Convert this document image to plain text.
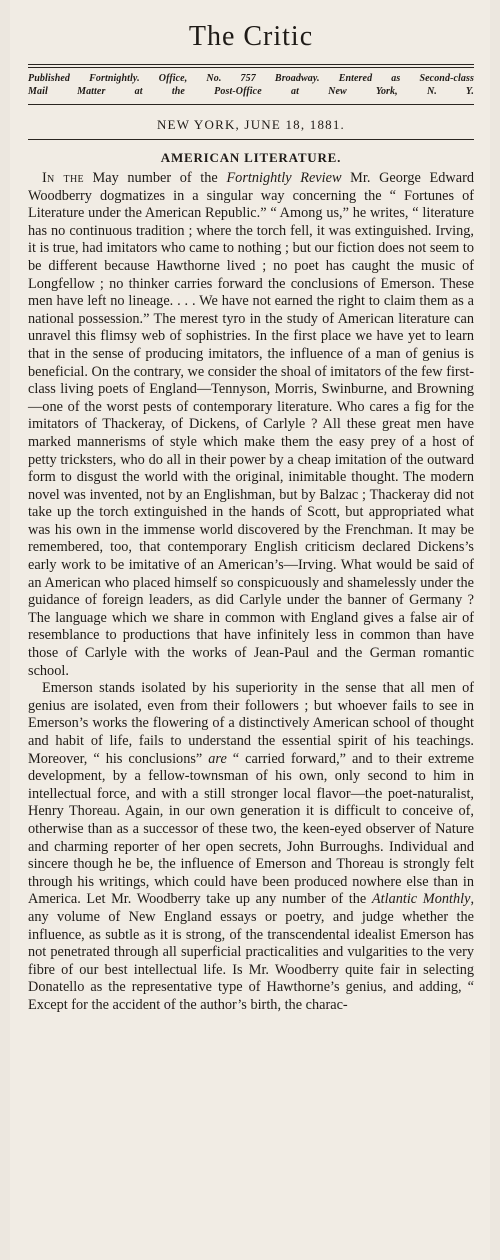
The Critic
Published Fortnightly. Office, No. 757 Broadway. Entered as Second-class
Mail Matter at the Post-Office at New York, N. Y.
NEW YORK, JUNE 18, 1881.
AMERICAN LITERATURE.

In the May number of the Fortnightly Review Mr. George Edward Woodberry dogmatizes in a singular way concerning the “ Fortunes of Literature under the American Republic.” “ Among us,” he writes, “ literature has no continuous tradition ; where the torch fell, it was extinguished. Irving, it is true, had imitators who came to nothing ; but our fiction does not seem to be different because Hawthorne lived ; no poet has caught the music of Longfellow ; no thinker carries forward the conclusions of Emerson. These men have left no lineage. . . . We have not earned the right to claim them as a national possession.” The merest tyro in the study of American literature can unravel this flimsy web of sophistries. In the first place we have yet to learn that in the sense of producing imitators, the influence of a man of genius is beneficial. On the contrary, we consider the shoal of imitators of the few first-class living poets of England—Tennyson, Morris, Swinburne, and Browning—one of the worst pests of contemporary literature. Who cares a fig for the imitators of Thackeray, of Dickens, of Carlyle ? All these great men have marked mannerisms of style which make them the easy prey of a host of petty tricksters, who do all in their power by a cheap imitation of the outward form to disgust the world with the original, inimitable thought. The modern novel was invented, not by an Englishman, but by Balzac ; Thackeray did not take up the torch extinguished in the hands of Scott, but appropriated what was his own in the immense world discovered by the Frenchman. It may be remembered, too, that contemporary English criticism declared Dickens’s early work to be imitative of an American’s—Irving. What would be said of an American who placed himself so conspicuously and shamelessly under the guidance of foreign leaders, as did Carlyle under the banner of Germany ? The language which we share in common with England gives a false air of resemblance to productions that have infinitely less in common than have those of Carlyle with the works of Jean-Paul and the German romantic school.

Emerson stands isolated by his superiority in the sense that all men of genius are isolated, even from their followers ; but whoever fails to see in Emerson’s works the flowering of a distinctively American school of thought and habit of life, fails to understand the essential spirit of his teachings. Moreover, “ his conclusions” are “ carried forward,” and to their extreme development, by a fellow-townsman of his own, only second to him in intellectual force, and with a still stronger local flavor—the poet-naturalist, Henry Thoreau. Again, in our own generation it is difficult to conceive of, otherwise than as a successor of these two, the keen-eyed observer of Nature and charming reporter of her open secrets, John Burroughs. Individual and sincere though he be, the influence of Emerson and Thoreau is strongly felt through his writings, which could have been produced nowhere else than in America. Let Mr. Woodberry take up any number of the Atlantic Monthly, any volume of New England essays or poetry, and judge whether the influence, as subtle as it is strong, of the transcendental idealist Emerson has not penetrated through all superficial practicalities and vulgarities to the very fibre of our best intellectual life. Is Mr. Woodberry quite fair in selecting Donatello as the representative type of Hawthorne’s genius, and adding, “ Except for the accident of the author’s birth, the charac-
